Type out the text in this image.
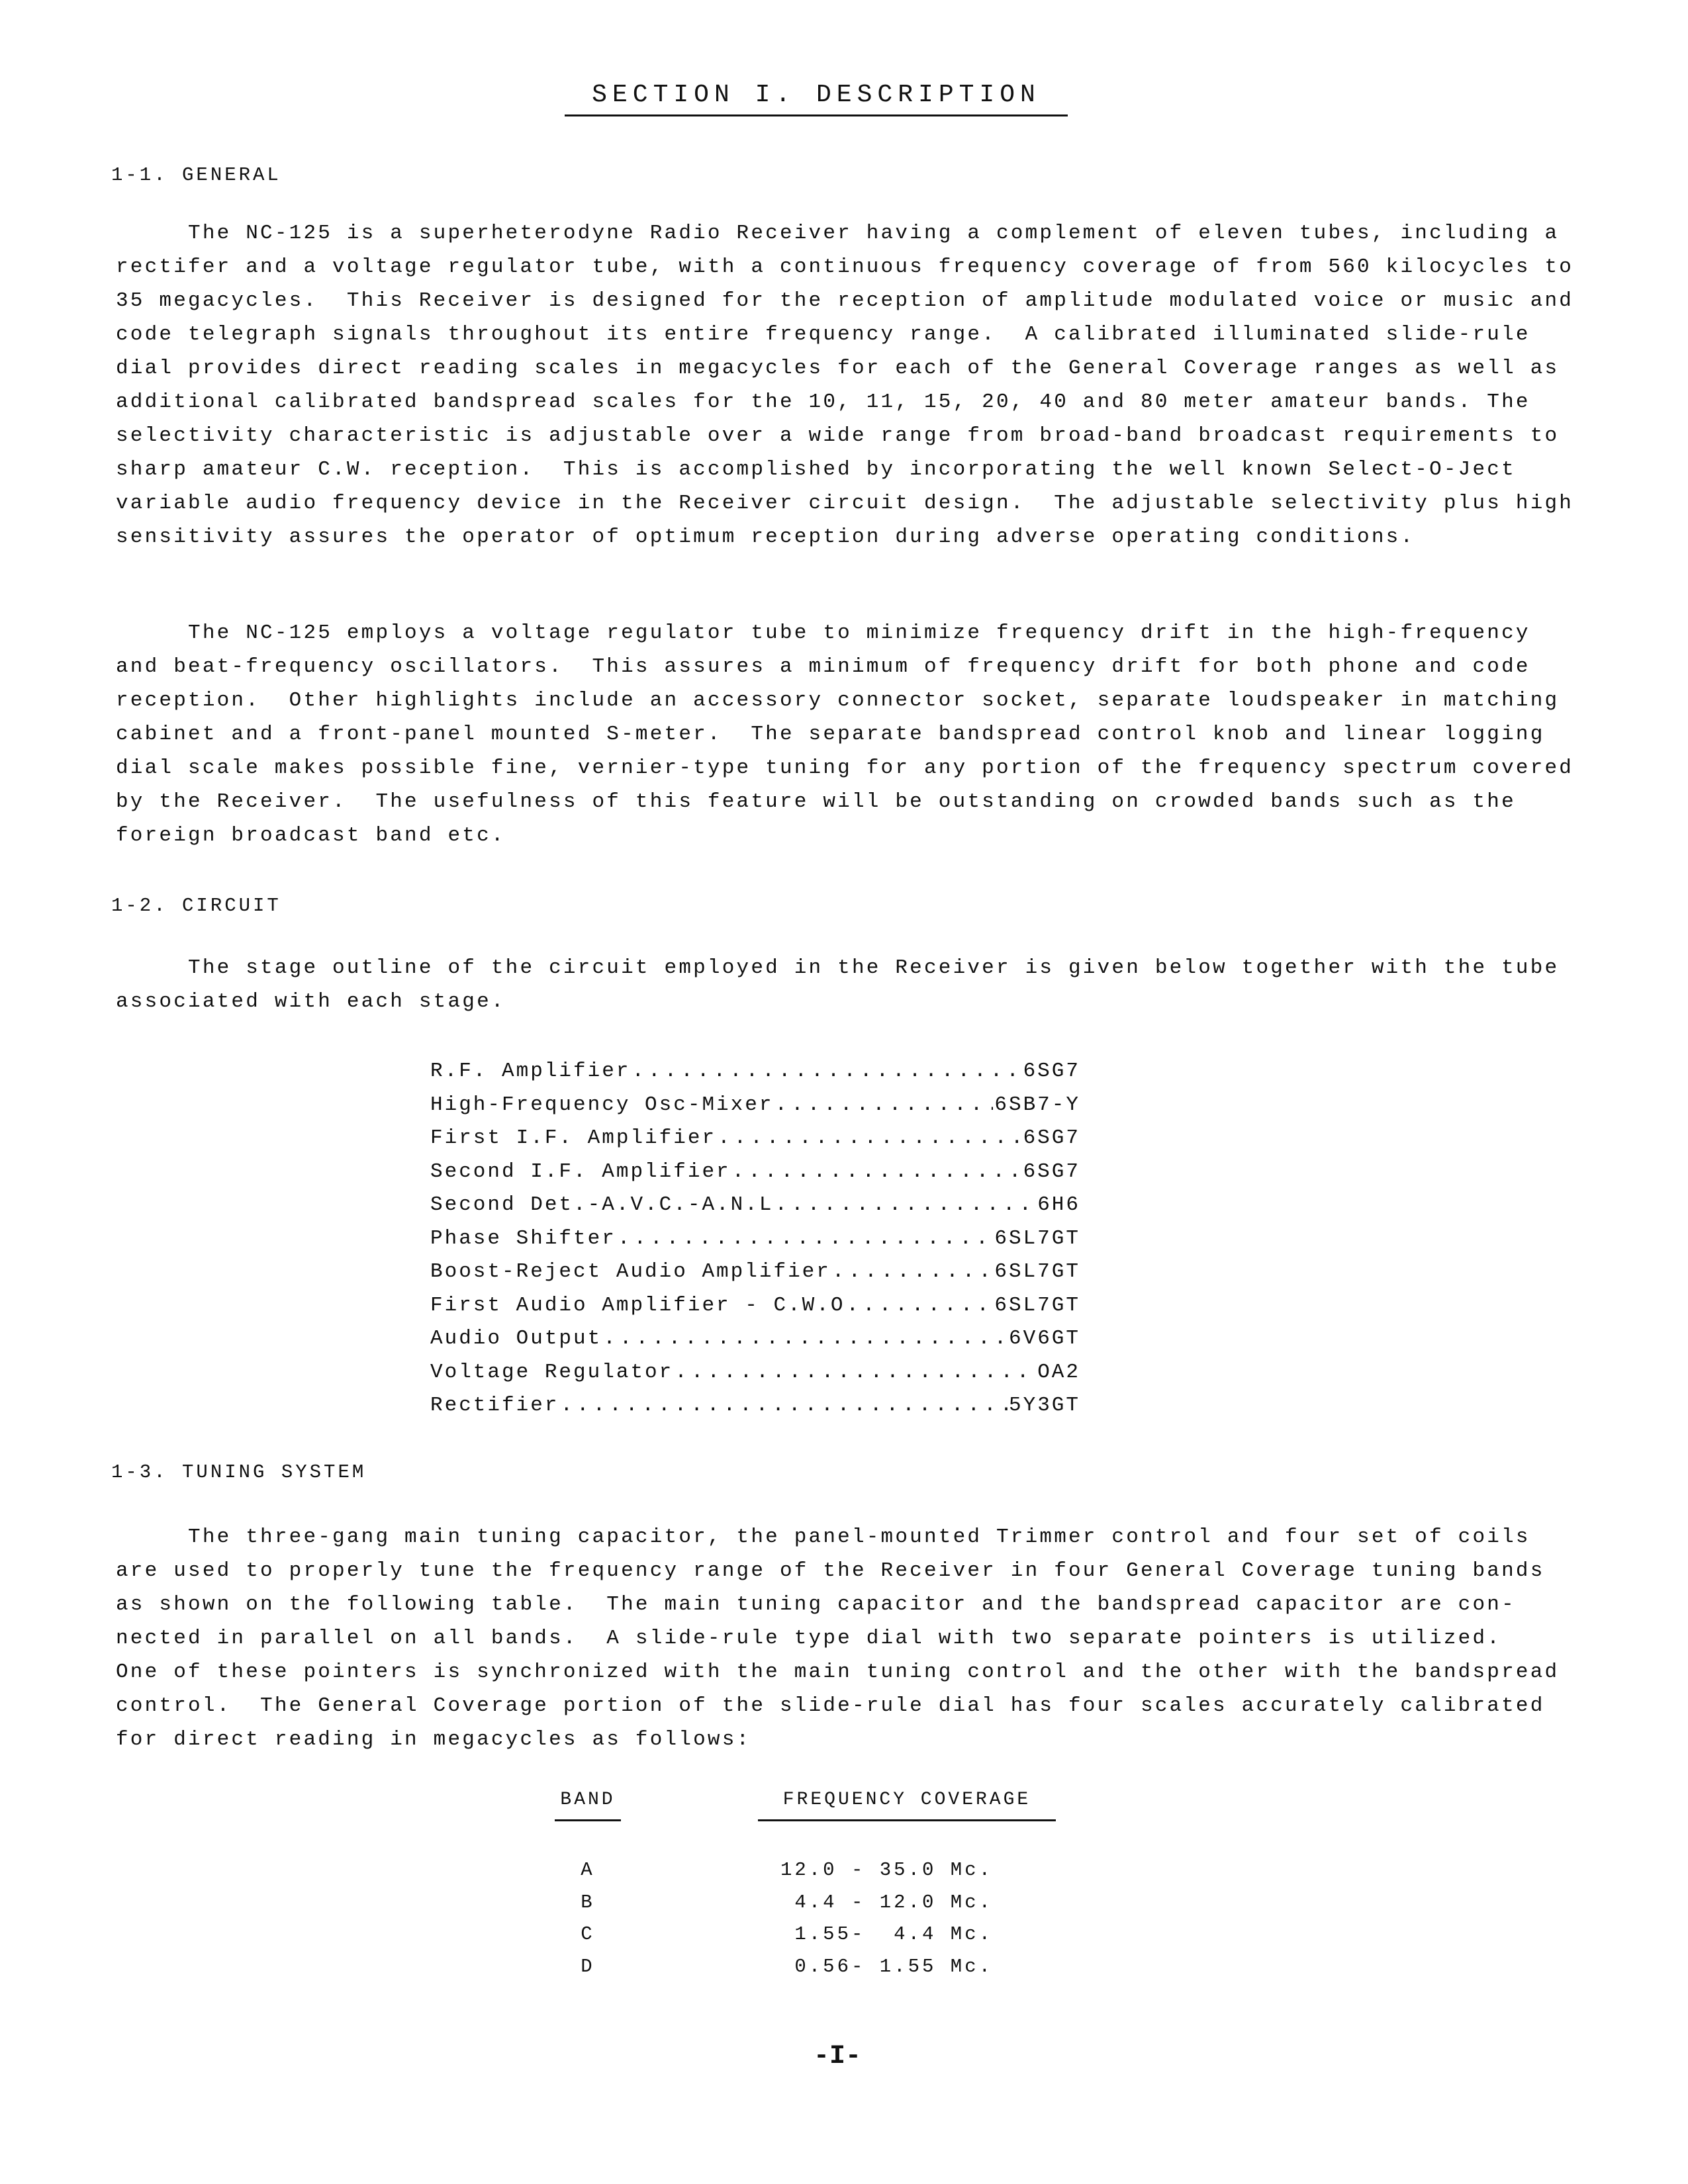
SECTION I. DESCRIPTION
1-1. GENERAL
The NC-125 is a superheterodyne Radio Receiver having a complement of eleven tubes, including a
rectifer and a voltage regulator tube, with a continuous frequency coverage of from 560 kilocycles to
35 megacycles.  This Receiver is designed for the reception of amplitude modulated voice or music and
code telegraph signals throughout its entire frequency range.  A calibrated illuminated slide-rule
dial provides direct reading scales in megacycles for each of the General Coverage ranges as well as
additional calibrated bandspread scales for the 10, 11, 15, 20, 40 and 80 meter amateur bands. The
selectivity characteristic is adjustable over a wide range from broad-band broadcast requirements to
sharp amateur C.W. reception.  This is accomplished by incorporating the well known Select-O-Ject
variable audio frequency device in the Receiver circuit design.  The adjustable selectivity plus high
sensitivity assures the operator of optimum reception during adverse operating conditions.
The NC-125 employs a voltage regulator tube to minimize frequency drift in the high-frequency
and beat-frequency oscillators.  This assures a minimum of frequency drift for both phone and code
reception.  Other highlights include an accessory connector socket, separate loudspeaker in matching
cabinet and a front-panel mounted S-meter.  The separate bandspread control knob and linear logging
dial scale makes possible fine, vernier-type tuning for any portion of the frequency spectrum covered
by the Receiver.  The usefulness of this feature will be outstanding on crowded bands such as the
foreign broadcast band etc.
1-2. CIRCUIT
The stage outline of the circuit employed in the Receiver is given below together with the tube
associated with each stage.
R.F. Amplifier .....	6SG7
High-Frequency Osc-Mixer .....	6SB7-Y
First I.F. Amplifier .....	6SG7
Second I.F. Amplifier .....	6SG7
Second Det.-A.V.C.-A.N.L .....	6H6
Phase Shifter .....	6SL7GT
Boost-Reject Audio Amplifier .....	6SL7GT
First Audio Amplifier - C.W.O .....	6SL7GT
Audio Output .....	6V6GT
Voltage Regulator .....	OA2
Rectifier .....	5Y3GT
1-3. TUNING SYSTEM
The three-gang main tuning capacitor, the panel-mounted Trimmer control and four set of coils
are used to properly tune the frequency range of the Receiver in four General Coverage tuning bands
as shown on the following table.  The main tuning capacitor and the bandspread capacitor are con-
nected in parallel on all bands.  A slide-rule type dial with two separate pointers is utilized.
One of these pointers is synchronized with the main tuning control and the other with the bandspread
control.  The General Coverage portion of the slide-rule dial has four scales accurately calibrated
for direct reading in megacycles as follows:
BAND	FREQUENCY COVERAGE
A	12.0 - 35.0 Mc.
B	4.4 - 12.0 Mc.
C	1.55-  4.4 Mc.
D	0.56- 1.55 Mc.
-I-
